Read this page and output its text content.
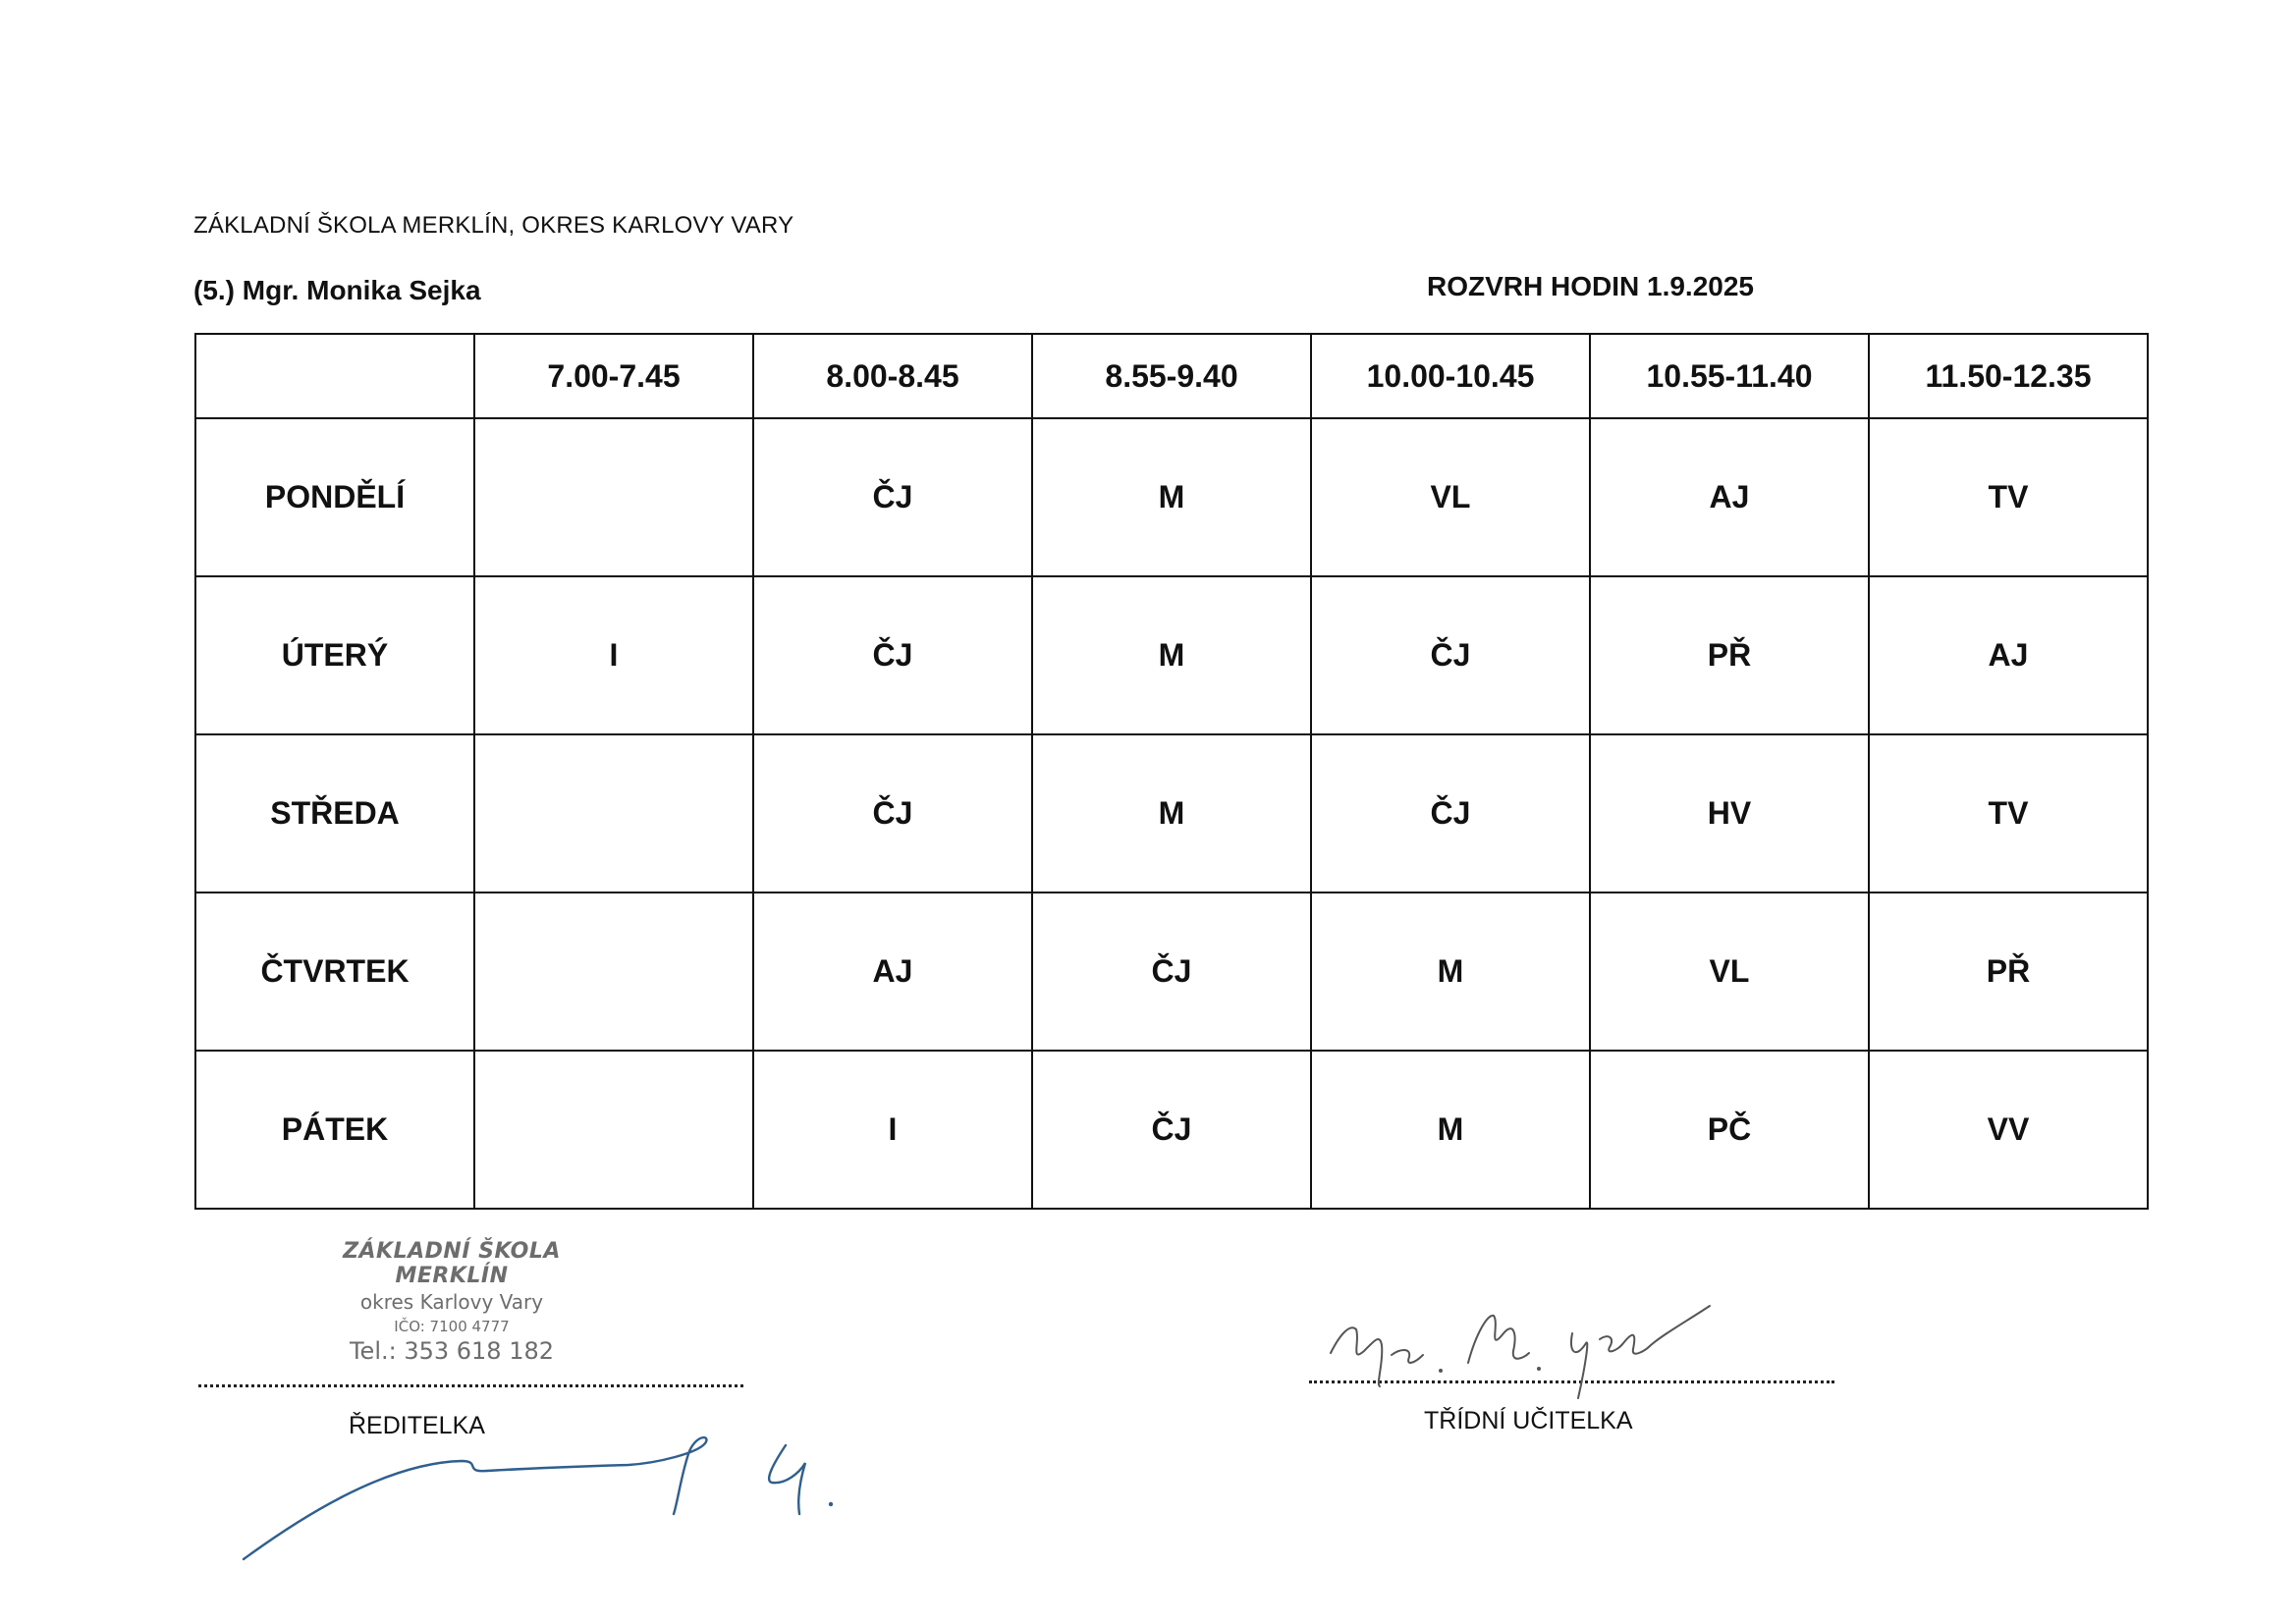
ZÁKLADNÍ ŠKOLA MERKLÍN, OKRES KARLOVY VARY
(5.) Mgr. Monika Sejka	ROZVRH HODIN 1.9.2025
	7.00-7.45	8.00-8.45	8.55-9.40	10.00-10.45	10.55-11.40	11.50-12.35
PONDĚLÍ		ČJ	M	VL	AJ	TV
ÚTERÝ	I	ČJ	M	ČJ	PŘ	AJ
STŘEDA		ČJ	M	ČJ	HV	TV
ČTVRTEK		AJ	ČJ	M	VL	PŘ
PÁTEK		I	ČJ	M	PČ	VV
ZÁKLADNÍ ŠKOLA MERKLÍN
okres Karlovy Vary
IČO: 7100 4777
Tel.: 353 618 182
ŘEDITELKA	TŘÍDNÍ UČITELKA
